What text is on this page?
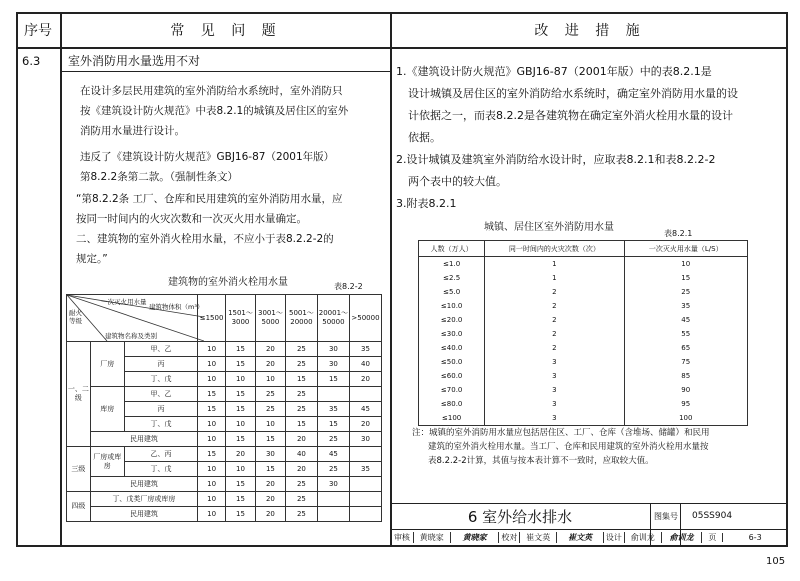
序号	常 见 问 题	改 进 措 施
6.3 室外消防用水量选用不对
在设计多层民用建筑的室外消防给水系统时，室外消防只
按《建筑设计防火规范》中表8.2.1的城镇及居住区的室外
消防用水量进行设计。
违反了《建筑设计防火规范》GBJ16-87（2001年版）
第8.2.2条第二款。（强制性条文）
“第8.2.2条 工厂、仓库和民用建筑的室外消防用水量，应
按同一时间内的火灾次数和一次灭火用水量确定。
二、建筑物的室外消火栓用水量，不应小于表8.2.2-2的
规定。”
建筑物的室外消火栓用水量	表8.2-2
一次灭火用水量
建筑物体积（m³）
耐火等级
建筑物名称及类别			≤1500	1501～3000	3001～5000	5001～20000	20001～50000	>50000
一、二级	厂房	甲、乙	10	15	20	25	30	35
		丙	10	15	20	25	30	40
		丁、戊	10	10	10	15	15	20
	库房	甲、乙	15	15	25	25		
		丙	15	15	25	25	35	45
		丁、戊	10	10	10	15	15	20
	民用建筑		10	15	15	20	25	30
三级	厂房或库房	乙、丙	15	20	30	40	45	
		丁、戊	10	10	15	20	25	35
	民用建筑		10	15	20	25	30	
四级	丁、戊类厂房或库房		10	15	20	25		
	民用建筑		10	15	20	25		
1.《建筑设计防火规范》GBJ16-87（2001年版）中的表8.2.1是
设计城镇及居住区的室外消防给水系统时，确定室外消防用水量的设
计依据之一，而表8.2.2是各建筑物在确定室外消火栓用水量的设计
依据。
2.设计城镇及建筑室外消防给水设计时，应取表8.2.1和表8.2.2-2
两个表中的较大值。
3.附表8.2.1
城镇、居住区室外消防用水量
表8.2.1
人数（万人）	同一时间内的火灾次数（次）	一次灭火用水量（L/S）
≤1.0	1	10
≤2.5	1	15
≤5.0	2	25
≤10.0	2	35
≤20.0	2	45
≤30.0	2	55
≤40.0	2	65
≤50.0	3	75
≤60.0	3	85
≤70.0	3	90
≤80.0	3	95
≤100	3	100
注：城镇的室外消防用水量应包括居住区、工厂、仓库（含堆场、储罐）和民用
建筑的室外消火栓用水量。当工厂、仓库和民用建筑的室外消火栓用水量按
表8.2.2-2计算，其值与按本表计算不一致时，应取较大值。
6 室外给水排水	图集号 05SS904
审核	黄晓家	黄晓家	校对	崔文英	崔文英	设计	俞训龙	俞训龙	页	6-3
105
